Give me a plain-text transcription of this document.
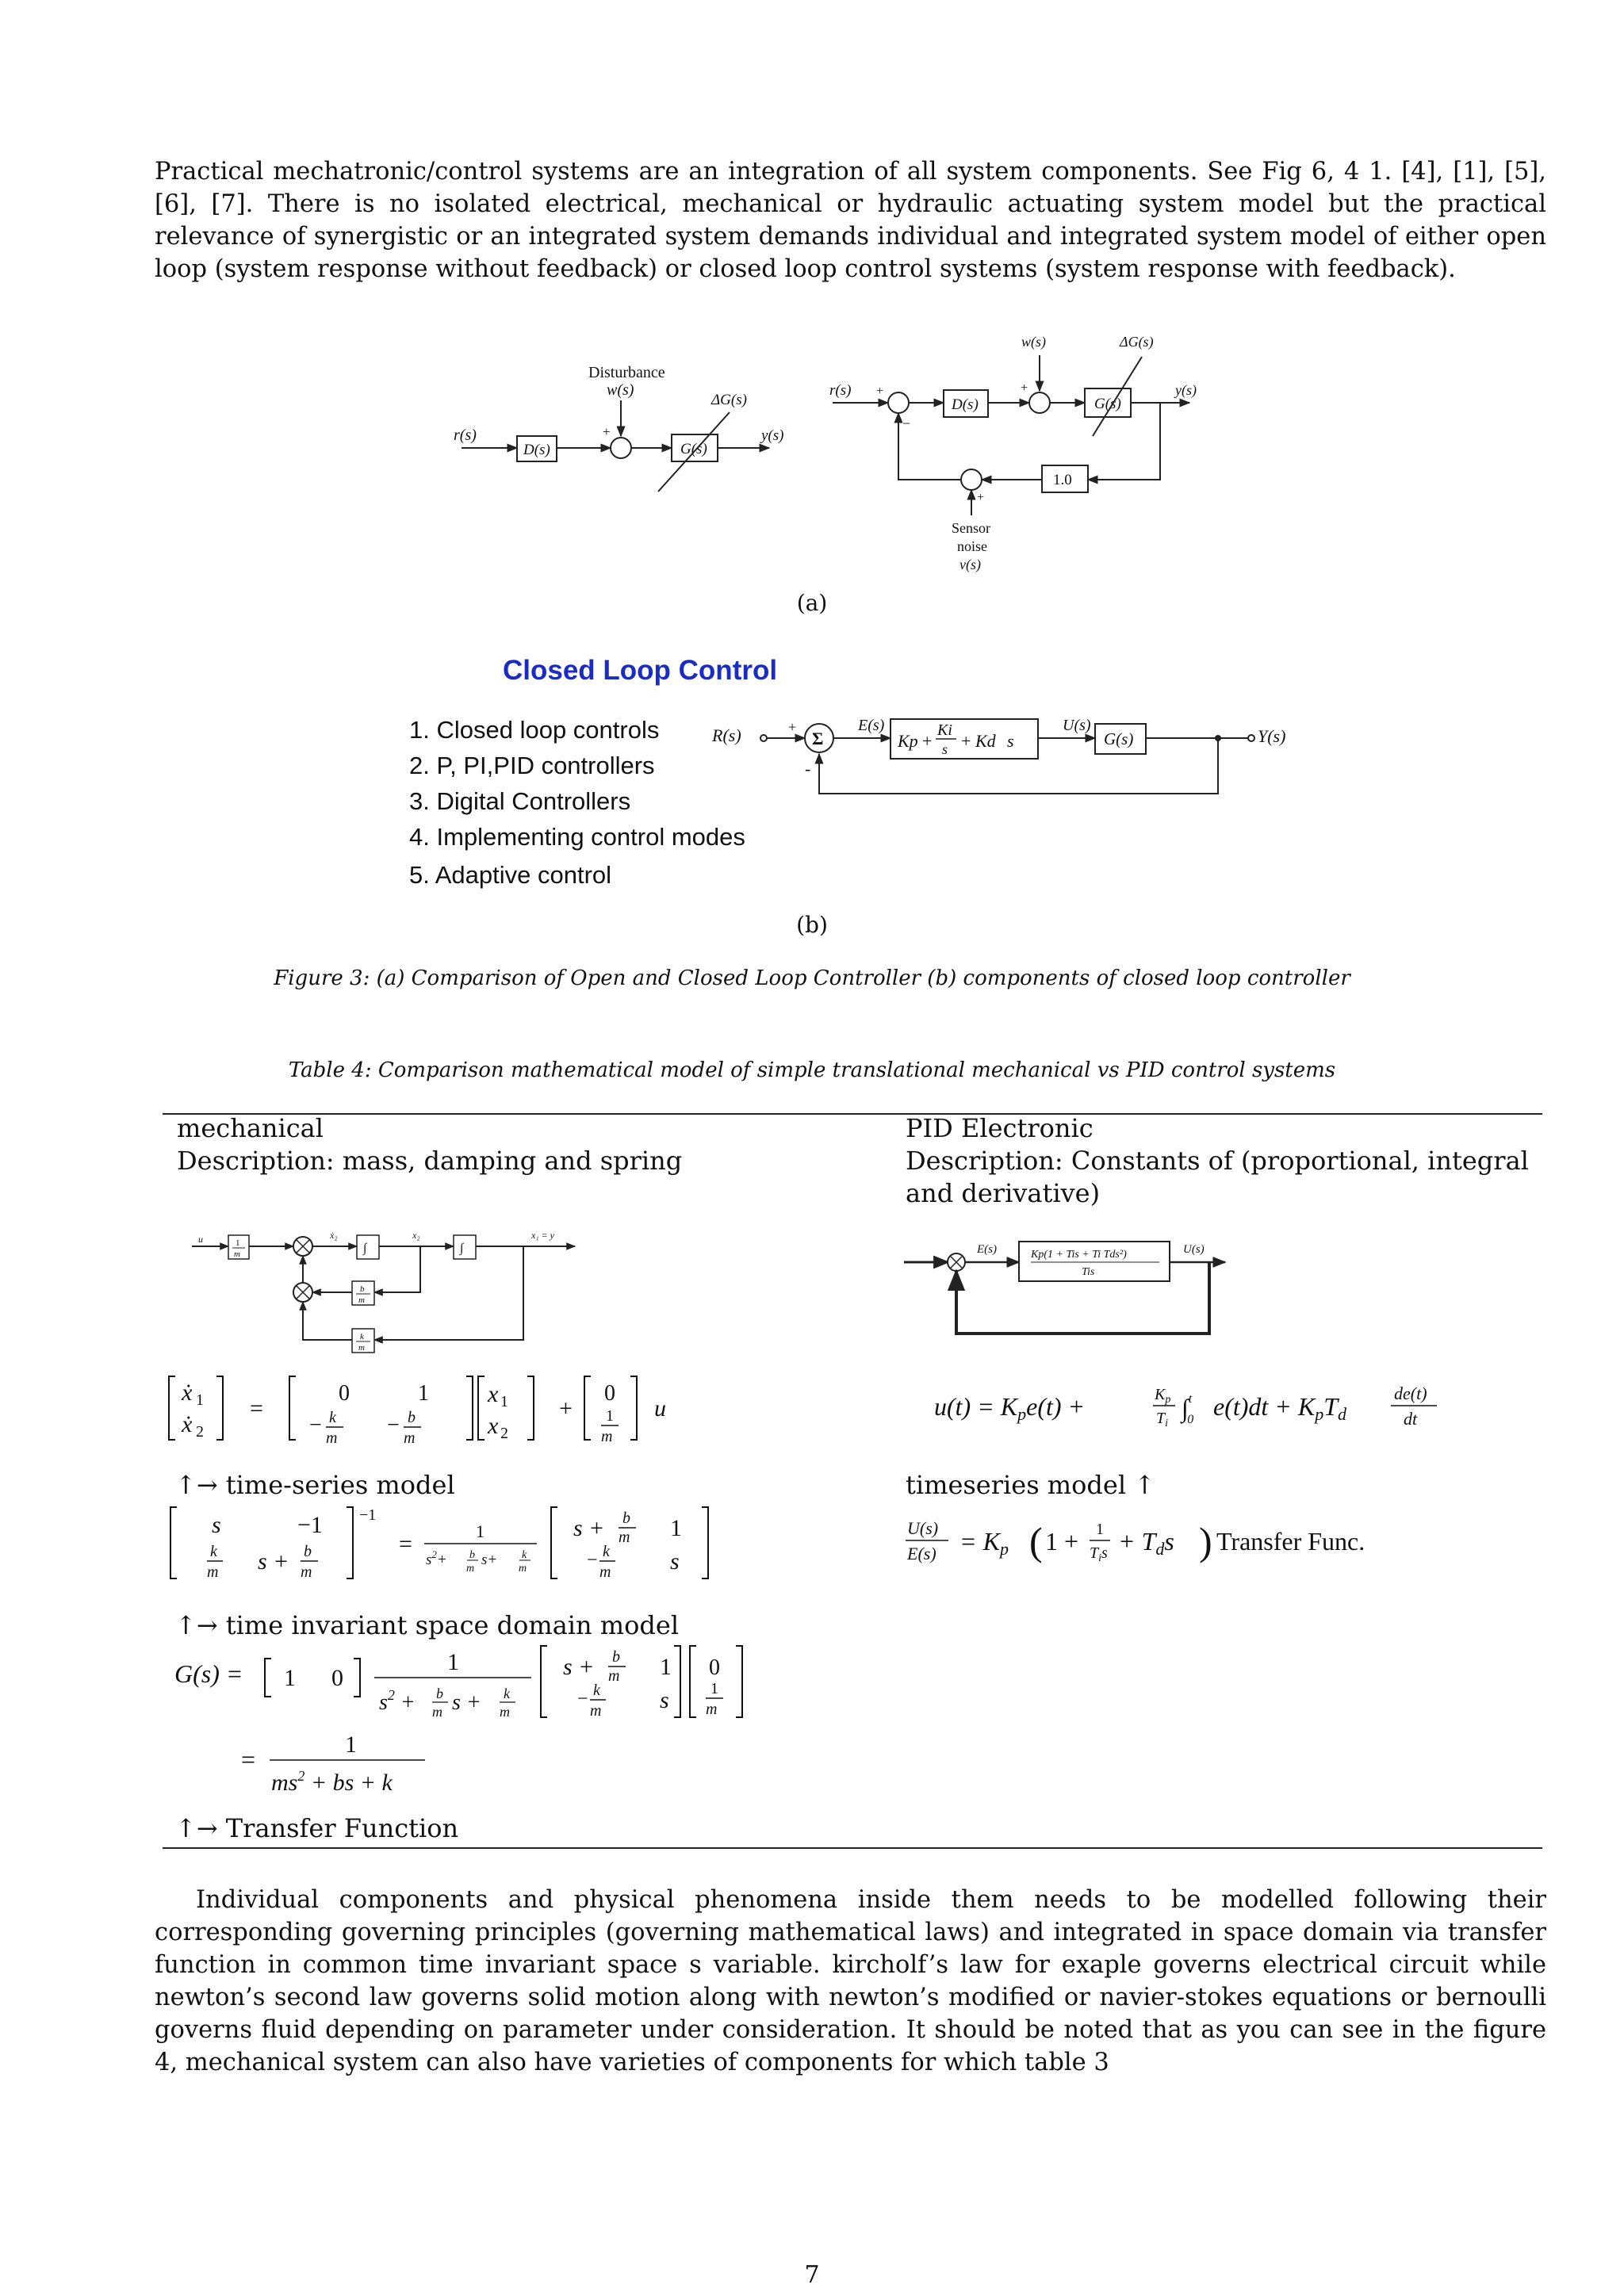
Practical mechatronic/control systems are an integration of all system components. See Fig 6, 4 1. [4], [1], [5], [6], [7]. There is no isolated electrical, mechanical or hydraulic actuating system model but the practical relevance of synergistic or an integrated system demands individual and integrated system model of either open loop (system response without feedback) or closed loop control systems (system response with feedback).

r(s)
D(s)
+
Disturbance
w(s)
G(s)
ΔG(s)
y(s)
r(s) +
−
D(s)
+
w(s)
G(s)
ΔG(s)
y(s)
1.0
+
Sensor
noise
v(s)
(a)
Closed Loop Control
1. Closed loop controls
2. P, PI,PID controllers
3. Digital Controllers
4. Implementing control modes
5. Adaptive control
R(s)	+
Σ
-
E(s)
Kp +
Ki
s + Kd s
U(s)
G(s)	Y(s)
(b)
Figure 3: (a) Comparison of Open and Closed Loop Controller (b) components of closed loop controller
Table 4: Comparison mathematical model of simple translational mechanical vs PID control systems
mechanical
Description: mass, damping and spring
PID Electronic
Description: Constants of (proportional, integral and derivative)
u	1
m
ẋ₂
∫
x₂
∫
x₁ = y
b
m
k
m
E(s)	Kp(1 + Tis + Ti Tds²)
Tis
U(s)
ẋ 1
ẋ 2
=
0	1
− k
m
− b
m
x 1
x 2
+
0
1
m
u	u(t) = Kpe(t) +	$K_p$
$T_i$
∫$^t$ 0 e(t)dt + KpTd
de(t)
dt
↑→ time-series model	timeseries model ↑
s	−1 −1
k
m s + b
m
=	1
$s^2+ b$
m
s+ k
m
s + b
m 1
− k
m s
U(s)
E(s) = Kp ( 1 + 1
$T_is$ + Tds ) Transfer Func.
↑→ time invariant space domain model
G(s) = 1 0
1
$s^2 + b$
m s + k
m
s + b
m 1
− k
m s
0
1
m
=
1
$ms^2$ + bs + k
↑→ Transfer Function

Individual components and physical phenomena inside them needs to be modelled following their corresponding governing principles (governing mathematical laws) and integrated in space domain via transfer function in common time invariant space s variable. kircholf’s law for exaple governs electrical circuit while newton’s second law governs solid motion along with newton’s modified or navier-stokes equations or bernoulli governs fluid depending on parameter under consideration. It should be noted that as you can see in the figure 4, mechanical system can also have varieties of components for which table 3

7
